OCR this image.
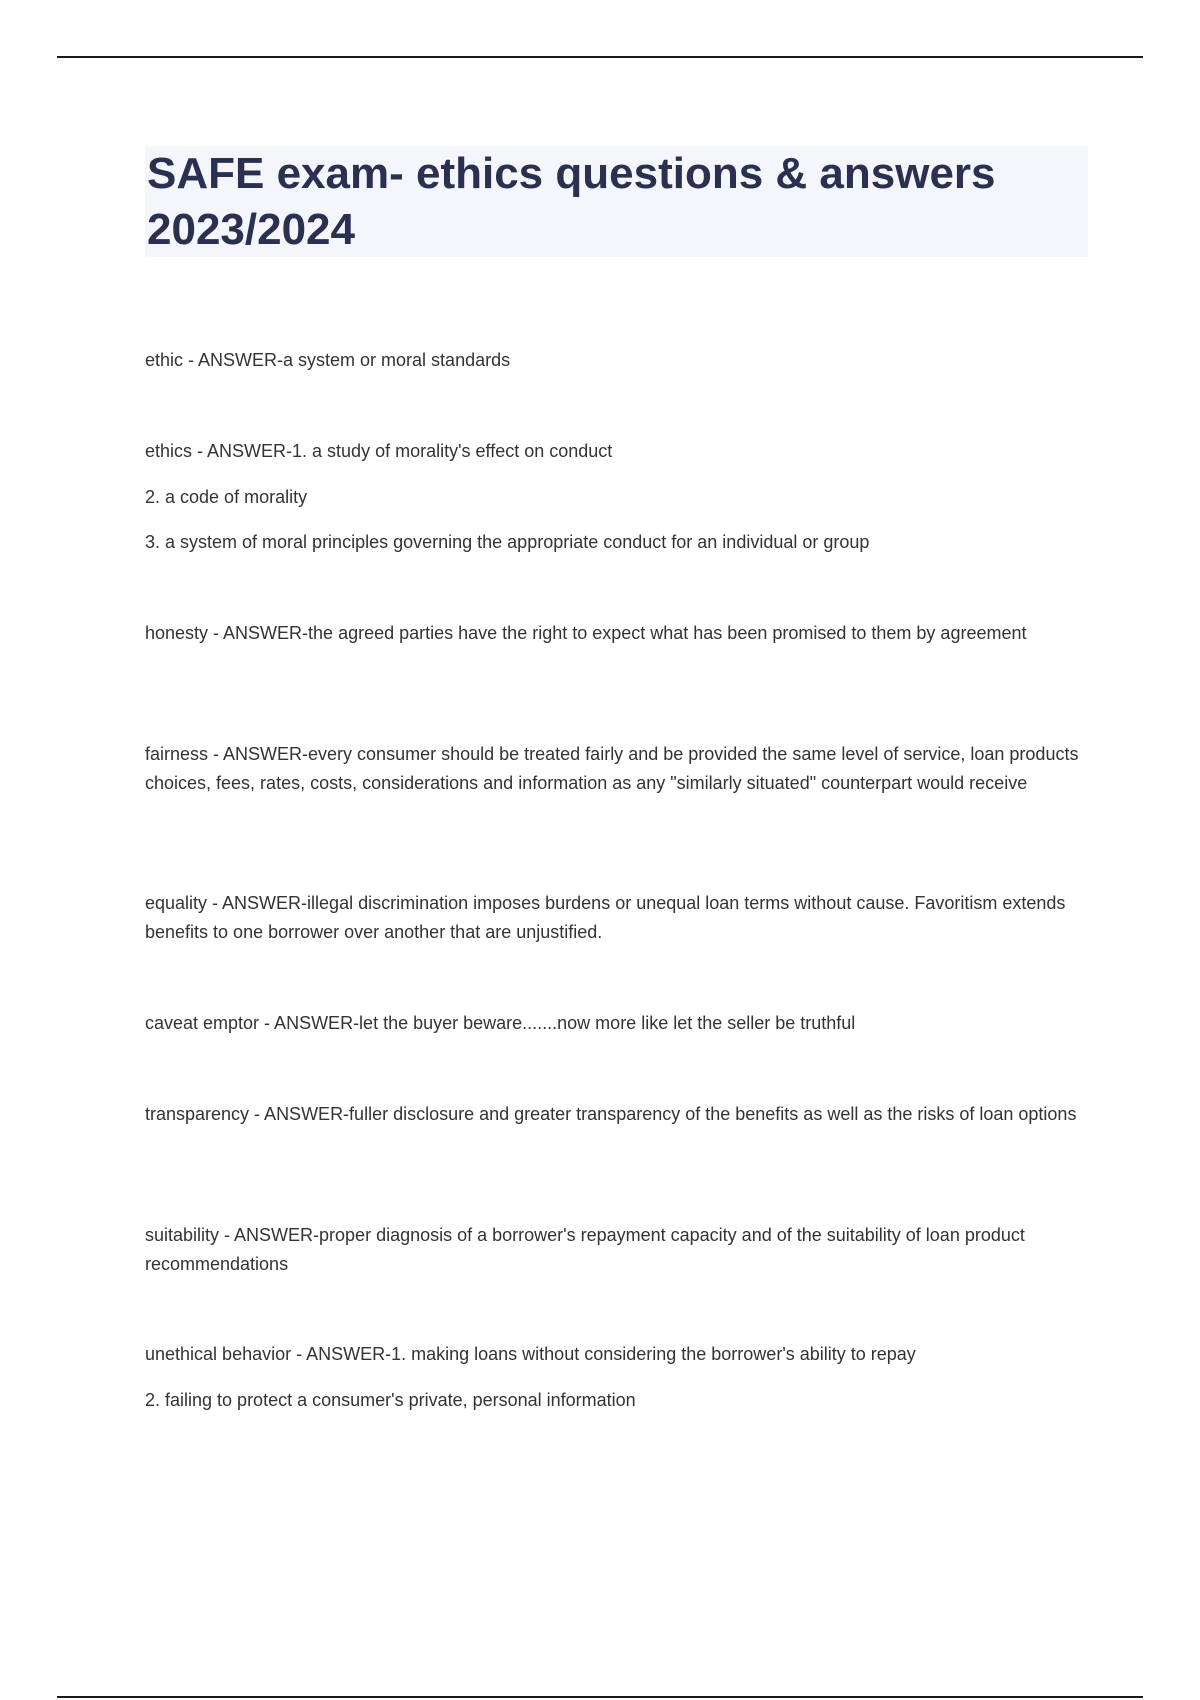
SAFE exam- ethics questions & answers
2023/2024

ethic - ANSWER-a system or moral standards

ethics - ANSWER-1. a study of morality's effect on conduct

2. a code of morality

3. a system of moral principles governing the appropriate conduct for an individual or group

honesty - ANSWER-the agreed parties have the right to expect what has been promised to them by agreement

fairness - ANSWER-every consumer should be treated fairly and be provided the same level of service, loan products choices, fees, rates, costs, considerations and information as any "similarly situated" counterpart would receive

equality - ANSWER-illegal discrimination imposes burdens or unequal loan terms without cause. Favoritism extends benefits to one borrower over another that are unjustified.

caveat emptor - ANSWER-let the buyer beware.......now more like let the seller be truthful

transparency - ANSWER-fuller disclosure and greater transparency of the benefits as well as the risks of loan options

suitability - ANSWER-proper diagnosis of a borrower's repayment capacity and of the suitability of loan product recommendations

unethical behavior - ANSWER-1. making loans without considering the borrower's ability to repay

2. failing to protect a consumer's private, personal information
